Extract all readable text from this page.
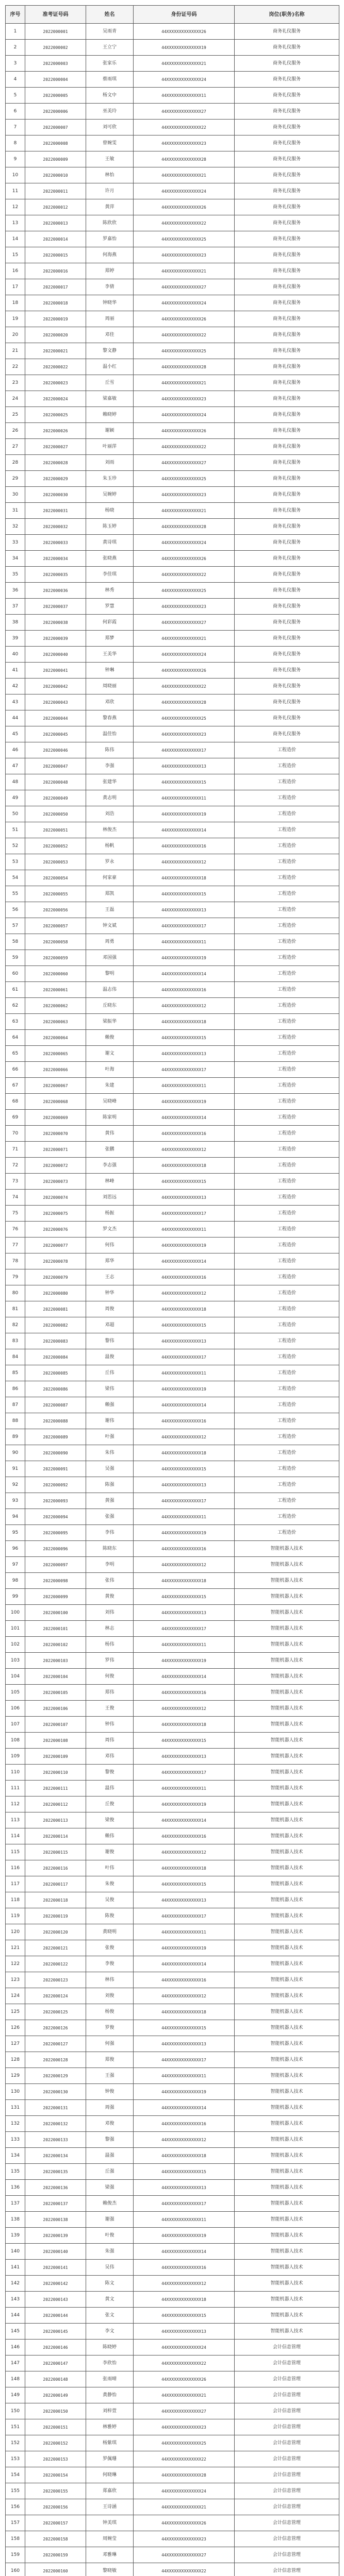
序号	准考证号码	姓名	身份证号码	岗位(职务)名称
1	2022000001	吴雨青	44XXXXXXXXXXXXXX26	商务礼仪服务
2	2022000002	王立宁	44XXXXXXXXXXXXXX19	商务礼仪服务
3	2022000003	张家乐	44XXXXXXXXXXXXXX21	商务礼仪服务
4	2022000004	蔡雨琪	44XXXXXXXXXXXXXX24	商务礼仪服务
5	2022000005	杨文中	44XXXXXXXXXXXXXX11	商务礼仪服务
6	2022000006	巫美玲	44XXXXXXXXXXXXXX27	商务礼仪服务
7	2022000007	刘可欣	44XXXXXXXXXXXXXX22	商务礼仪服务
8	2022000008	曾婉雯	44XXXXXXXXXXXXXX23	商务礼仪服务
9	2022000009	王敏	44XXXXXXXXXXXXXX28	商务礼仪服务
10	2022000010	林怡	44XXXXXXXXXXXXXX21	商务礼仪服务
11	2022000011	许月	44XXXXXXXXXXXXXX24	商务礼仪服务
12	2022000012	黄萍	44XXXXXXXXXXXXXX26	商务礼仪服务
13	2022000013	陈欣欣	44XXXXXXXXXXXXXX22	商务礼仪服务
14	2022000014	罗嘉怡	44XXXXXXXXXXXXXX25	商务礼仪服务
15	2022000015	何海燕	44XXXXXXXXXXXXXX23	商务礼仪服务
16	2022000016	郑婷	44XXXXXXXXXXXXXX21	商务礼仪服务
17	2022000017	李倩	44XXXXXXXXXXXXXX27	商务礼仪服务
18	2022000018	钟晓华	44XXXXXXXXXXXXXX24	商务礼仪服务
19	2022000019	周丽	44XXXXXXXXXXXXXX26	商务礼仪服务
20	2022000020	邓佳	44XXXXXXXXXXXXXX22	商务礼仪服务
21	2022000021	黎文静	44XXXXXXXXXXXXXX25	商务礼仪服务
22	2022000022	温小红	44XXXXXXXXXXXXXX28	商务礼仪服务
23	2022000023	丘雪	44XXXXXXXXXXXXXX21	商务礼仪服务
24	2022000024	梁嘉敏	44XXXXXXXXXXXXXX23	商务礼仪服务
25	2022000025	赖晓婷	44XXXXXXXXXXXXXX24	商务礼仪服务
26	2022000026	谢颖	44XXXXXXXXXXXXXX26	商务礼仪服务
27	2022000027	叶丽萍	44XXXXXXXXXXXXXX22	商务礼仪服务
28	2022000028	刘雨	44XXXXXXXXXXXXXX27	商务礼仪服务
29	2022000029	朱玉珍	44XXXXXXXXXXXXXX25	商务礼仪服务
30	2022000030	吴婉婷	44XXXXXXXXXXXXXX23	商务礼仪服务
31	2022000031	杨晓	44XXXXXXXXXXXXXX21	商务礼仪服务
32	2022000032	陈玉婷	44XXXXXXXXXXXXXX28	商务礼仪服务
33	2022000033	黄诗琪	44XXXXXXXXXXXXXX24	商务礼仪服务
34	2022000034	张晓燕	44XXXXXXXXXXXXXX26	商务礼仪服务
35	2022000035	李佳琪	44XXXXXXXXXXXXXX22	商务礼仪服务
36	2022000036	林秀	44XXXXXXXXXXXXXX25	商务礼仪服务
37	2022000037	罗慧	44XXXXXXXXXXXXXX23	商务礼仪服务
38	2022000038	何彩霞	44XXXXXXXXXXXXXX27	商务礼仪服务
39	2022000039	郑梦	44XXXXXXXXXXXXXX21	商务礼仪服务
40	2022000040	王美华	44XXXXXXXXXXXXXX24	商务礼仪服务
41	2022000041	钟琳	44XXXXXXXXXXXXXX26	商务礼仪服务
42	2022000042	周晓丽	44XXXXXXXXXXXXXX22	商务礼仪服务
43	2022000043	邓欣	44XXXXXXXXXXXXXX28	商务礼仪服务
44	2022000044	黎春燕	44XXXXXXXXXXXXXX25	商务礼仪服务
45	2022000045	温佳怡	44XXXXXXXXXXXXXX23	商务礼仪服务
46	2022000046	陈伟	44XXXXXXXXXXXXXX17	工程造价
47	2022000047	李强	44XXXXXXXXXXXXXX13	工程造价
48	2022000048	张建华	44XXXXXXXXXXXXXX15	工程造价
49	2022000049	黄志明	44XXXXXXXXXXXXXX11	工程造价
50	2022000050	刘浩	44XXXXXXXXXXXXXX19	工程造价
51	2022000051	林俊杰	44XXXXXXXXXXXXXX14	工程造价
52	2022000052	杨帆	44XXXXXXXXXXXXXX16	工程造价
53	2022000053	罗永	44XXXXXXXXXXXXXX12	工程造价
54	2022000054	何家豪	44XXXXXXXXXXXXXX18	工程造价
55	2022000055	郑凯	44XXXXXXXXXXXXXX15	工程造价
56	2022000056	王磊	44XXXXXXXXXXXXXX13	工程造价
57	2022000057	钟文斌	44XXXXXXXXXXXXXX17	工程造价
58	2022000058	周勇	44XXXXXXXXXXXXXX11	工程造价
59	2022000059	邓国强	44XXXXXXXXXXXXXX19	工程造价
60	2022000060	黎明	44XXXXXXXXXXXXXX14	工程造价
61	2022000061	温志伟	44XXXXXXXXXXXXXX16	工程造价
62	2022000062	丘晓东	44XXXXXXXXXXXXXX12	工程造价
63	2022000063	梁振华	44XXXXXXXXXXXXXX18	工程造价
64	2022000064	赖俊	44XXXXXXXXXXXXXX15	工程造价
65	2022000065	谢文	44XXXXXXXXXXXXXX13	工程造价
66	2022000066	叶海	44XXXXXXXXXXXXXX17	工程造价
67	2022000067	朱建	44XXXXXXXXXXXXXX11	工程造价
68	2022000068	吴晓峰	44XXXXXXXXXXXXXX19	工程造价
69	2022000069	陈家明	44XXXXXXXXXXXXXX14	工程造价
70	2022000070	黄伟	44XXXXXXXXXXXXXX16	工程造价
71	2022000071	张鹏	44XXXXXXXXXXXXXX12	工程造价
72	2022000072	李志强	44XXXXXXXXXXXXXX18	工程造价
73	2022000073	林峰	44XXXXXXXXXXXXXX15	工程造价
74	2022000074	刘思远	44XXXXXXXXXXXXXX13	工程造价
75	2022000075	杨振	44XXXXXXXXXXXXXX17	工程造价
76	2022000076	罗文杰	44XXXXXXXXXXXXXX11	工程造价
77	2022000077	何伟	44XXXXXXXXXXXXXX19	工程造价
78	2022000078	郑华	44XXXXXXXXXXXXXX14	工程造价
79	2022000079	王志	44XXXXXXXXXXXXXX16	工程造价
80	2022000080	钟华	44XXXXXXXXXXXXXX12	工程造价
81	2022000081	周俊	44XXXXXXXXXXXXXX18	工程造价
82	2022000082	邓超	44XXXXXXXXXXXXXX15	工程造价
83	2022000083	黎伟	44XXXXXXXXXXXXXX13	工程造价
84	2022000084	温俊	44XXXXXXXXXXXXXX17	工程造价
85	2022000085	丘伟	44XXXXXXXXXXXXXX11	工程造价
86	2022000086	梁伟	44XXXXXXXXXXXXXX19	工程造价
87	2022000087	赖强	44XXXXXXXXXXXXXX14	工程造价
88	2022000088	谢伟	44XXXXXXXXXXXXXX16	工程造价
89	2022000089	叶强	44XXXXXXXXXXXXXX12	工程造价
90	2022000090	朱伟	44XXXXXXXXXXXXXX18	工程造价
91	2022000091	吴强	44XXXXXXXXXXXXXX15	工程造价
92	2022000092	陈强	44XXXXXXXXXXXXXX13	工程造价
93	2022000093	黄强	44XXXXXXXXXXXXXX17	工程造价
94	2022000094	张强	44XXXXXXXXXXXXXX11	工程造价
95	2022000095	李伟	44XXXXXXXXXXXXXX19	工程造价
96	2022000096	陈晓东	44XXXXXXXXXXXXXX16	智能机器人技术
97	2022000097	李明	44XXXXXXXXXXXXXX12	智能机器人技术
98	2022000098	张伟	44XXXXXXXXXXXXXX18	智能机器人技术
99	2022000099	黄俊	44XXXXXXXXXXXXXX15	智能机器人技术
100	2022000100	刘伟	44XXXXXXXXXXXXXX13	智能机器人技术
101	2022000101	林志	44XXXXXXXXXXXXXX17	智能机器人技术
102	2022000102	杨伟	44XXXXXXXXXXXXXX11	智能机器人技术
103	2022000103	罗伟	44XXXXXXXXXXXXXX19	智能机器人技术
104	2022000104	何俊	44XXXXXXXXXXXXXX14	智能机器人技术
105	2022000105	郑伟	44XXXXXXXXXXXXXX16	智能机器人技术
106	2022000106	王俊	44XXXXXXXXXXXXXX12	智能机器人技术
107	2022000107	钟伟	44XXXXXXXXXXXXXX18	智能机器人技术
108	2022000108	周伟	44XXXXXXXXXXXXXX15	智能机器人技术
109	2022000109	邓伟	44XXXXXXXXXXXXXX13	智能机器人技术
110	2022000110	黎俊	44XXXXXXXXXXXXXX17	智能机器人技术
111	2022000111	温伟	44XXXXXXXXXXXXXX11	智能机器人技术
112	2022000112	丘俊	44XXXXXXXXXXXXXX19	智能机器人技术
113	2022000113	梁俊	44XXXXXXXXXXXXXX14	智能机器人技术
114	2022000114	赖伟	44XXXXXXXXXXXXXX16	智能机器人技术
115	2022000115	谢俊	44XXXXXXXXXXXXXX12	智能机器人技术
116	2022000116	叶伟	44XXXXXXXXXXXXXX18	智能机器人技术
117	2022000117	朱俊	44XXXXXXXXXXXXXX15	智能机器人技术
118	2022000118	吴俊	44XXXXXXXXXXXXXX13	智能机器人技术
119	2022000119	陈俊	44XXXXXXXXXXXXXX17	智能机器人技术
120	2022000120	黄晓明	44XXXXXXXXXXXXXX11	智能机器人技术
121	2022000121	张俊	44XXXXXXXXXXXXXX19	智能机器人技术
122	2022000122	李俊	44XXXXXXXXXXXXXX14	智能机器人技术
123	2022000123	林伟	44XXXXXXXXXXXXXX16	智能机器人技术
124	2022000124	刘俊	44XXXXXXXXXXXXXX12	智能机器人技术
125	2022000125	杨俊	44XXXXXXXXXXXXXX18	智能机器人技术
126	2022000126	罗俊	44XXXXXXXXXXXXXX15	智能机器人技术
127	2022000127	何强	44XXXXXXXXXXXXXX13	智能机器人技术
128	2022000128	郑俊	44XXXXXXXXXXXXXX17	智能机器人技术
129	2022000129	王强	44XXXXXXXXXXXXXX11	智能机器人技术
130	2022000130	钟俊	44XXXXXXXXXXXXXX19	智能机器人技术
131	2022000131	周强	44XXXXXXXXXXXXXX14	智能机器人技术
132	2022000132	邓俊	44XXXXXXXXXXXXXX16	智能机器人技术
133	2022000133	黎强	44XXXXXXXXXXXXXX12	智能机器人技术
134	2022000134	温强	44XXXXXXXXXXXXXX18	智能机器人技术
135	2022000135	丘强	44XXXXXXXXXXXXXX15	智能机器人技术
136	2022000136	梁强	44XXXXXXXXXXXXXX13	智能机器人技术
137	2022000137	赖俊杰	44XXXXXXXXXXXXXX17	智能机器人技术
138	2022000138	谢强	44XXXXXXXXXXXXXX11	智能机器人技术
139	2022000139	叶俊	44XXXXXXXXXXXXXX19	智能机器人技术
140	2022000140	朱强	44XXXXXXXXXXXXXX14	智能机器人技术
141	2022000141	吴伟	44XXXXXXXXXXXXXX16	智能机器人技术
142	2022000142	陈文	44XXXXXXXXXXXXXX12	智能机器人技术
143	2022000143	黄文	44XXXXXXXXXXXXXX18	智能机器人技术
144	2022000144	张文	44XXXXXXXXXXXXXX15	智能机器人技术
145	2022000145	李文	44XXXXXXXXXXXXXX13	智能机器人技术
146	2022000146	陈晓婷	44XXXXXXXXXXXXXX24	会计信息管理
147	2022000147	李欣怡	44XXXXXXXXXXXXXX22	会计信息管理
148	2022000148	张雨晴	44XXXXXXXXXXXXXX26	会计信息管理
149	2022000149	黄静怡	44XXXXXXXXXXXXXX21	会计信息管理
150	2022000150	刘梓萱	44XXXXXXXXXXXXXX27	会计信息管理
151	2022000151	林雅婷	44XXXXXXXXXXXXXX23	会计信息管理
152	2022000152	杨紫琪	44XXXXXXXXXXXXXX25	会计信息管理
153	2022000153	罗佩珊	44XXXXXXXXXXXXXX22	会计信息管理
154	2022000154	何晓琳	44XXXXXXXXXXXXXX28	会计信息管理
155	2022000155	郑嘉欣	44XXXXXXXXXXXXXX24	会计信息管理
156	2022000156	王诗涵	44XXXXXXXXXXXXXX21	会计信息管理
157	2022000157	钟美琪	44XXXXXXXXXXXXXX26	会计信息管理
158	2022000158	周婉莹	44XXXXXXXXXXXXXX23	会计信息管理
159	2022000159	邓雅琳	44XXXXXXXXXXXXXX27	会计信息管理
160	2022000160	黎晓敏	44XXXXXXXXXXXXXX22	会计信息管理
